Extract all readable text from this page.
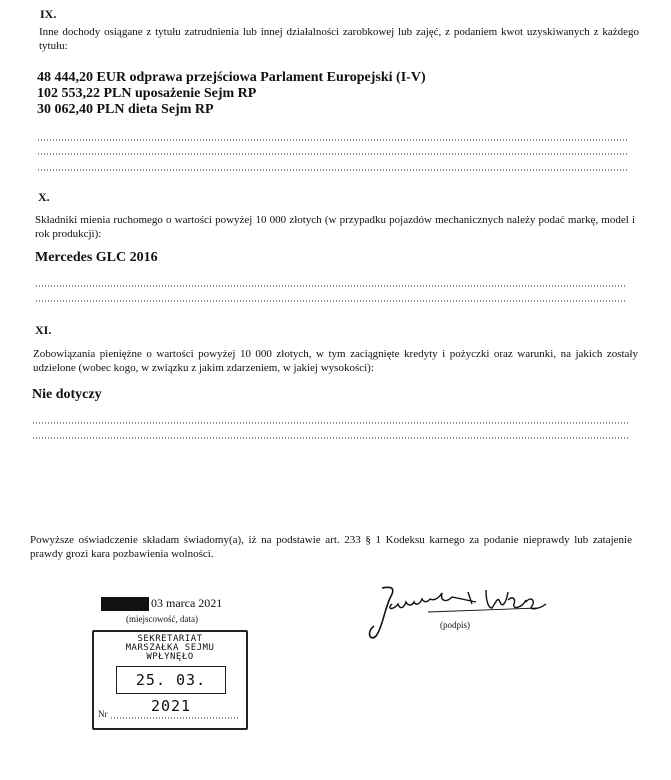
IX.
Inne dochody osiągane z tytułu zatrudnienia lub innej działalności zarobkowej lub zajęć, z podaniem kwot uzyskiwanych z każdego tytułu:
48 444,20 EUR odprawa przejściowa Parlament Europejski (I-V)
102 553,22 PLN uposażenie Sejm RP
30 062,40 PLN dieta Sejm RP
X.
Składniki mienia ruchomego o wartości powyżej 10 000 złotych (w przypadku pojazdów mechanicznych należy podać markę, model i rok produkcji):
Mercedes GLC 2016
XI.
Zobowiązania pieniężne o wartości powyżej 10 000 złotych, w tym zaciągnięte kredyty i pożyczki oraz warunki, na jakich zostały udzielone (wobec kogo, w związku z jakim zdarzeniem, w jakiej wysokości):
Nie dotyczy
Powyższe oświadczenie składam świadomy(a), iż na podstawie art. 233 § 1 Kodeksu karnego za podanie nieprawdy lub zatajenie prawdy grozi kara pozbawienia wolności.
03 marca 2021
(miejscowość, data)
(podpis)
SEKRETARIAT
MARSZAŁKA SEJMU
WPŁYNĘŁO
25. 03. 2021
Nr
